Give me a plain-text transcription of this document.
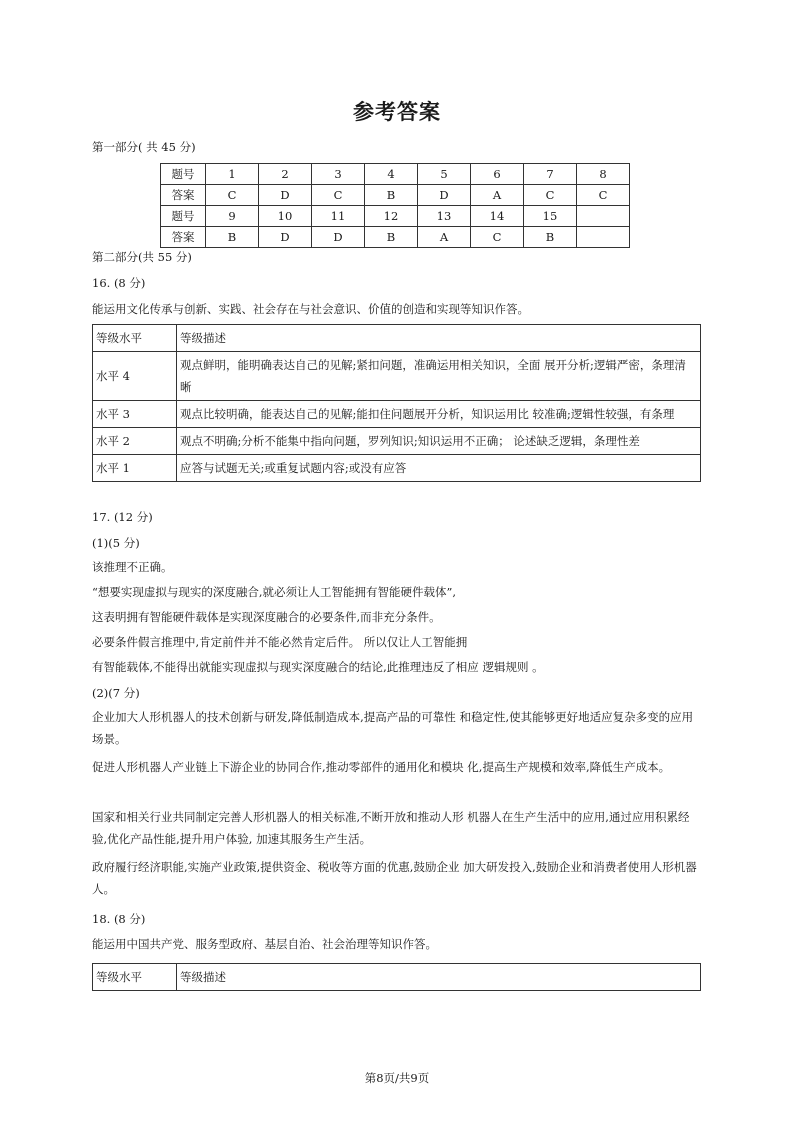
参考答案
第一部分( 共 45 分)
题号	1	2	3	4	5	6	7	8
答案	C	D	C	B	D	A	C	C
题号	9	10	11	12	13	14	15	
答案	B	D	D	B	A	C	B	
第二部分(共 55 分)
16. (8 分)
能运用文化传承与创新、实践、社会存在与社会意识、价值的创造和实现等知识作答。
等级水平	等级描述
水平 4	观点鲜明，能明确表达自己的见解;紧扣问题，准确运用相关知识，全面 展开分析;逻辑严密，条理清晰
水平 3	观点比较明确，能表达自己的见解;能扣住问题展开分析，知识运用比 较准确;逻辑性较强，有条理
水平 2	观点不明确;分析不能集中指向问题，罗列知识;知识运用不正确； 论述缺乏逻辑，条理性差
水平 1	应答与试题无关;或重复试题内容;或没有应答
17. (12 分)
(1)(5 分)
该推理不正确。
“想要实现虚拟与现实的深度融合,就必须让人工智能拥有智能硬件载体”,
这表明拥有智能硬件载体是实现深度融合的必要条件,而非充分条件。
必要条件假言推理中,肯定前件并不能必然肯定后件。 所以仅让人工智能拥
有智能载体,不能得出就能实现虚拟与现实深度融合的结论,此推理违反了相应 逻辑规则 。
(2)(7 分)
企业加大人形机器人的技术创新与研发,降低制造成本,提高产品的可靠性 和稳定性,使其能够更好地适应复杂多变的应用场景。
促进人形机器人产业链上下游企业的协同合作,推动零部件的通用化和模块 化,提高生产规模和效率,降低生产成本。
国家和相关行业共同制定完善人形机器人的相关标准,不断开放和推动人形 机器人在生产生活中的应用,通过应用积累经验,优化产品性能,提升用户体验, 加速其服务生产生活。
政府履行经济职能,实施产业政策,提供资金、税收等方面的优惠,鼓励企业 加大研发投入,鼓励企业和消费者使用人形机器人。
18. (8 分)
能运用中国共产党、服务型政府、基层自治、社会治理等知识作答。
等级水平	等级描述
第8页/共9页
